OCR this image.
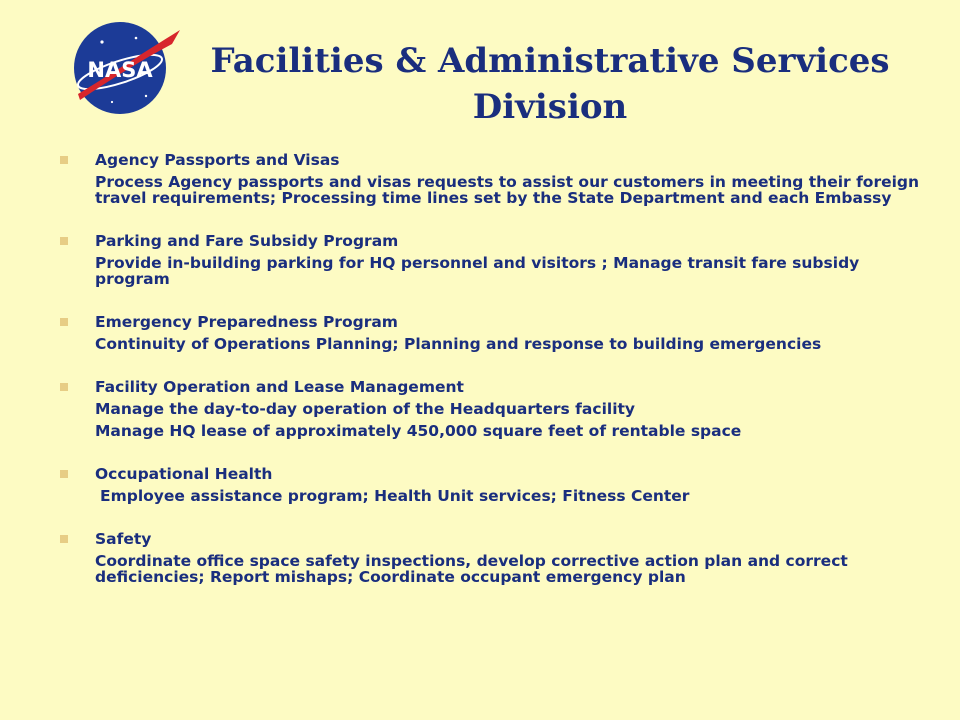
NASA	Facilities & Administrative Services
Division
Agency Passports and Visas
Process Agency passports and visas requests to assist our customers in meeting their foreign travel requirements; Processing time lines set by the State Department and each Embassy
Parking and Fare Subsidy Program
Provide in-building parking for HQ personnel and visitors ; Manage transit fare subsidy program
Emergency Preparedness Program
Continuity of Operations Planning; Planning and response to building emergencies
Facility Operation and Lease Management
Manage the day-to-day operation of the Headquarters facility
Manage HQ lease of approximately 450,000 square feet of rentable space
Occupational Health
Employee assistance program; Health Unit services; Fitness Center
Safety
Coordinate office space safety inspections, develop corrective action plan and correct deficiencies; Report mishaps; Coordinate occupant emergency plan
